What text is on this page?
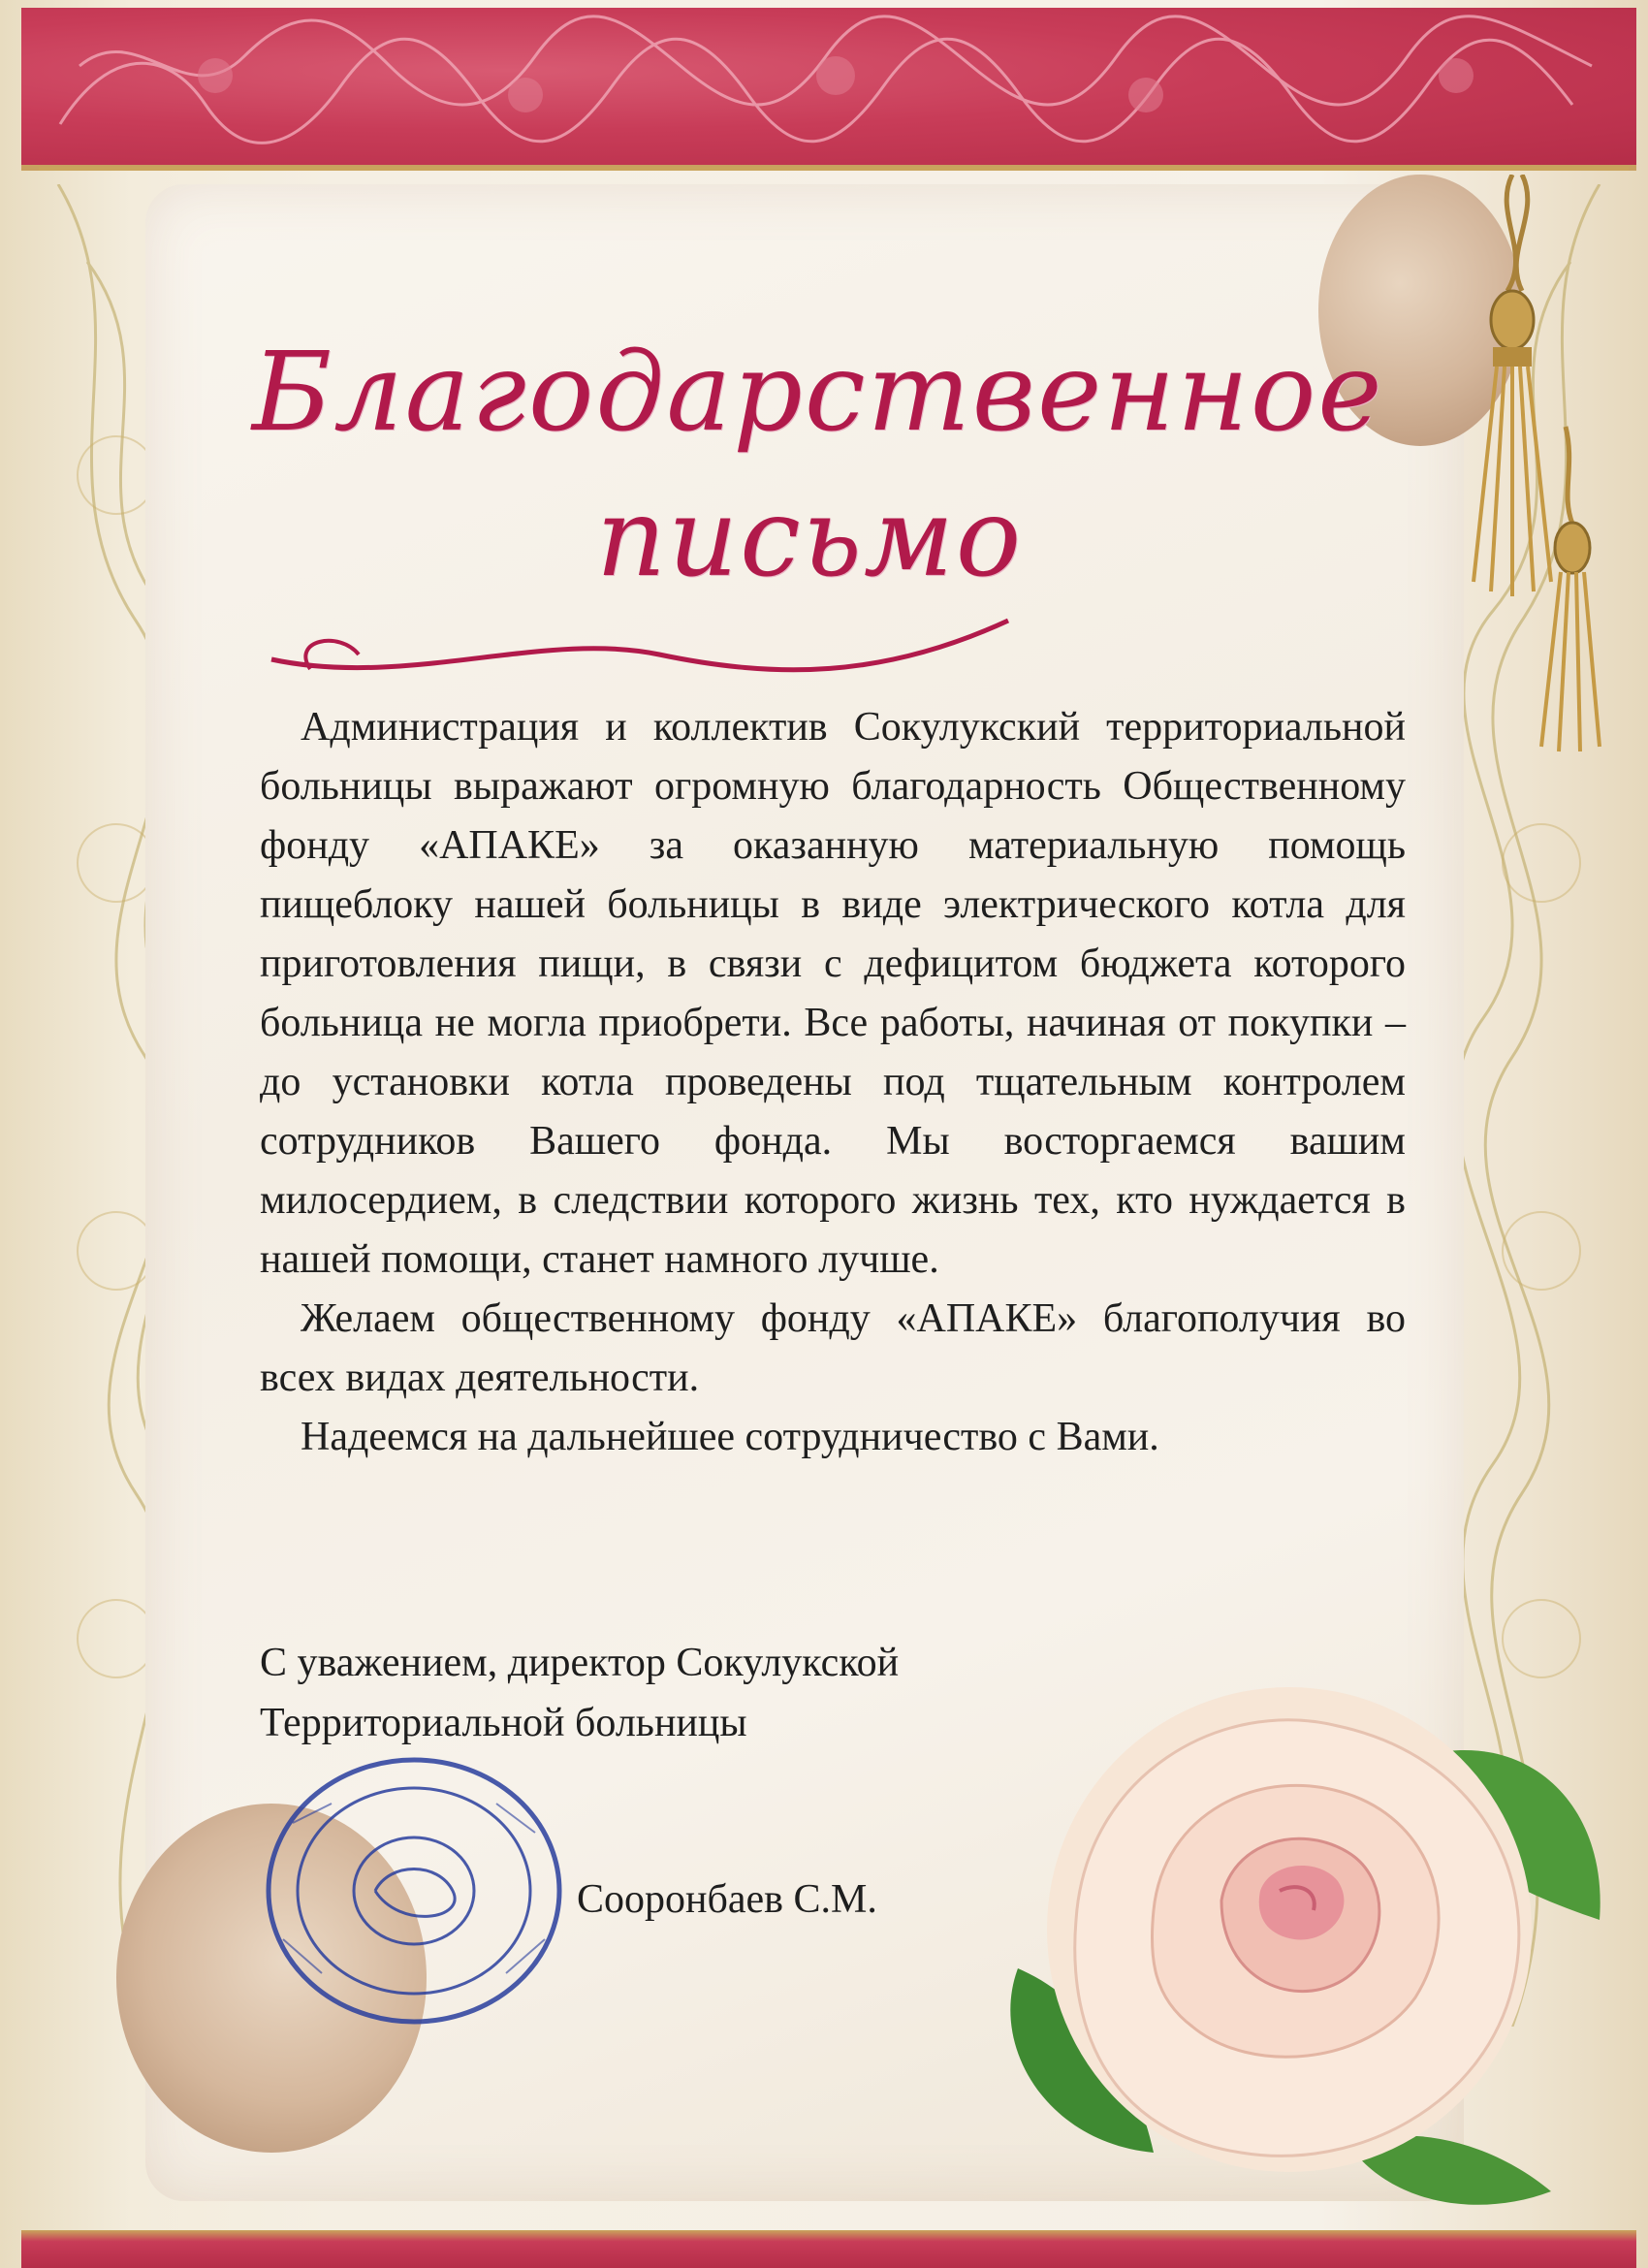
Благодарственное
письмо

Администрация и коллектив Сокулукский территориальной больницы выражают огромную благодарность Общественному фонду «АПАКЕ» за оказанную материальную помощь пищеблоку нашей больницы в виде электрического котла для приготовления пищи, в связи с дефицитом бюджета которого больница не могла приобрети. Все работы, начиная от покупки – до установки котла проведены под тщательным контролем сотрудников Вашего фонда. Мы восторгаемся вашим милосердием, в следствии которого жизнь тех, кто нуждается в нашей помощи, станет намного лучше.

Желаем общественному фонду «АПАКЕ» благополучия во всех видах деятельности.

Надеемся на дальнейшее сотрудничество с Вами.

С уважением, директор Сокулукской
Территориальной больницы
Сооронбаев С.М.
